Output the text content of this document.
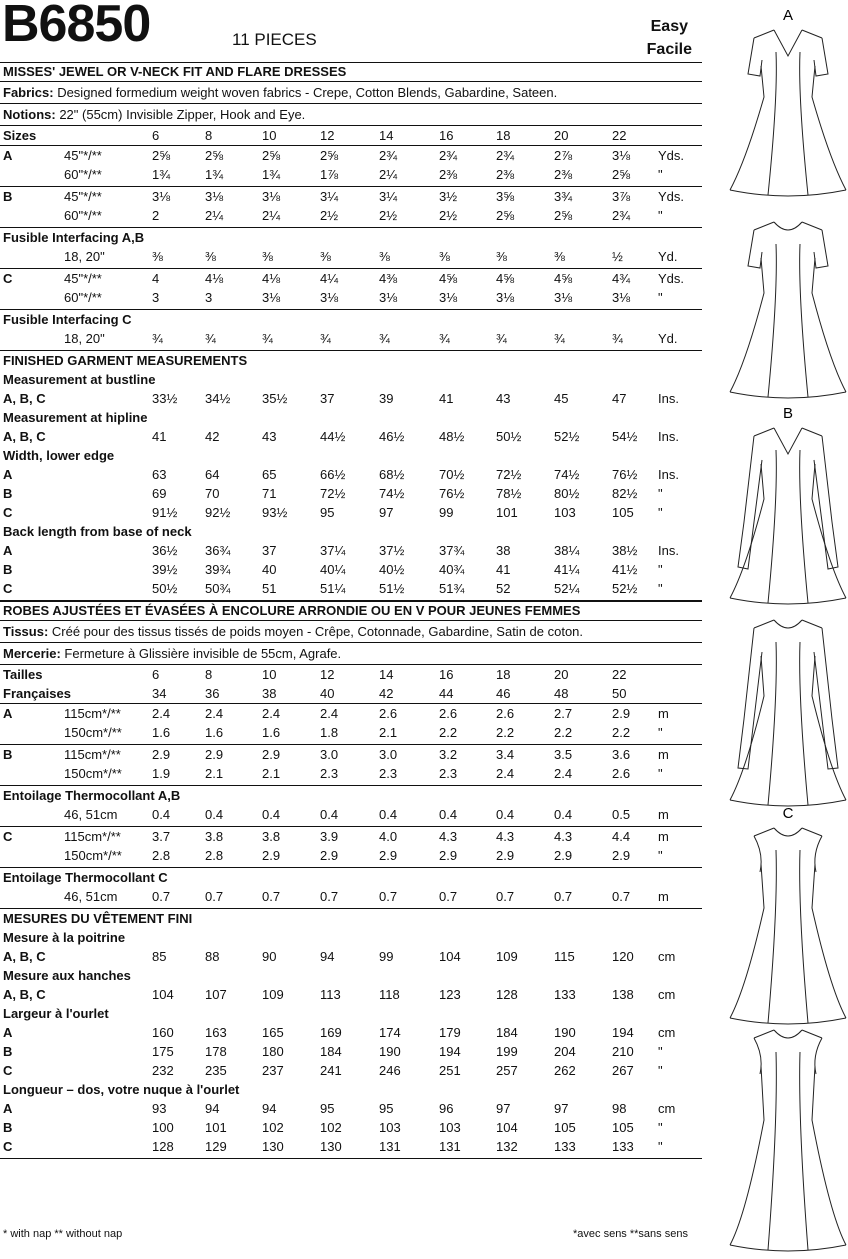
B6850	11 PIECES
Easy
Facile
MISSES' JEWEL OR V-NECK FIT AND FLARE DRESSES
Fabrics: Designed formedium weight woven fabrics - Crepe, Cotton Blends, Gabardine, Sateen.
Notions: 22" (55cm) Invisible Zipper, Hook and Eye.
Sizes	6	8	10	12	14	16	18	20	22
A	45"*/**	2⅝	2⅝	2⅝	2⅝	2¾	2¾	2¾	2⅞	3⅛ Yds.
60"*/**	1¾	1¾	1¾	1⅞	2¼	2⅜	2⅜	2⅜	2⅝ "
B	45"*/**	3⅛	3⅛	3⅛	3¼	3¼	3½	3⅝	3¾	3⅞ Yds.
60"*/**	2	2¼	2¼	2½	2½	2½	2⅝	2⅝	2¾ "
Fusible Interfacing A,B
18, 20"	⅜	⅜	⅜	⅜	⅜	⅜	⅜	⅜	½	Yd.
C	45"*/**	4	4⅛	4⅛	4¼	4⅜	4⅝	4⅝	4⅝	4¾ Yds.
60"*/**	3	3	3⅛	3⅛	3⅛	3⅛	3⅛	3⅛	3⅛ "
Fusible Interfacing C
18, 20"	¾	¾	¾	¾	¾	¾	¾	¾	¾	Yd.
FINISHED GARMENT MEASUREMENTS
Measurement at bustline
A, B, C	33½ 34½ 35½	37	39	41	43	45	47 Ins.
Measurement at hipline
A, B, C	41	42	43	44½	46½	48½ 50½	52½	54½ Ins.
Width, lower edge
A	63	64	65	66½	68½	70½ 72½	74½	76½ Ins.
B	69	70	71	72½	74½	76½ 78½	80½	82½ "
C	91½ 92½ 93½	95	97	99	101	103	105 "
Back length from base of neck
A	36½ 36¾ 37	37¼	37½	37¾ 38	38¼	38½ Ins.
B	39½ 39¾ 40	40¼	40½	40¾ 41	41¼	41½ "
C	50½ 50¾ 51	51¼	51½	51¾ 52	52¼	52½ "
ROBES AJUSTÉES ET ÉVASÉES À ENCOLURE ARRONDIE OU EN V POUR JEUNES FEMMES
Tissus: Créé pour des tissus tissés de poids moyen - Crêpe, Cotonnade, Gabardine, Satin de coton.
Mercerie: Fermeture à Glissière invisible de 55cm, Agrafe.
Tailles	6	8	10	12	14	16	18	20	22
Françaises	34	36	38	40	42	44	46	48	50
A	115cm*/** 2.4	2.4	2.4	2.4	2.6	2.6	2.6	2.7	2.9 m
150cm*/** 1.6	1.6	1.6	1.8	2.1	2.2	2.2	2.2	2.2 "
B	115cm*/** 2.9	2.9	2.9	3.0	3.0	3.2	3.4	3.5	3.6 m
150cm*/** 1.9	2.1	2.1	2.3	2.3	2.3	2.4	2.4	2.6 "
Entoilage Thermocollant A,B
46, 51cm	0.4	0.4	0.4	0.4	0.4	0.4	0.4	0.4	0.5 m
C	115cm*/** 3.7	3.8	3.8	3.9	4.0	4.3	4.3	4.3	4.4 m
150cm*/** 2.8	2.8	2.9	2.9	2.9	2.9	2.9	2.9	2.9 "
Entoilage Thermocollant C
46, 51cm	0.7	0.7	0.7	0.7	0.7	0.7	0.7	0.7	0.7 m
MESURES DU VÊTEMENT FINI
Mesure à la poitrine
A, B, C	85	88	90	94	99	104	109	115	120 cm
Mesure aux hanches
A, B, C	104 107	109	113	118	123	128	133	138 cm
Largeur à l'ourlet
A	160 163	165	169	174	179	184	190	194 cm
B	175 178	180	184	190	194	199	204	210 "
C	232 235	237	241	246	251	257	262	267 "
Longueur – dos, votre nuque à l'ourlet
A	93	94	94	95	95	96	97	97	98 cm
B	100 101	102	102	103	103	104	105	105 "
C	128 129	130	130	131	131	132	133	133 "
* with nap ** without nap	*avec sens **sans sens
A
B
C
